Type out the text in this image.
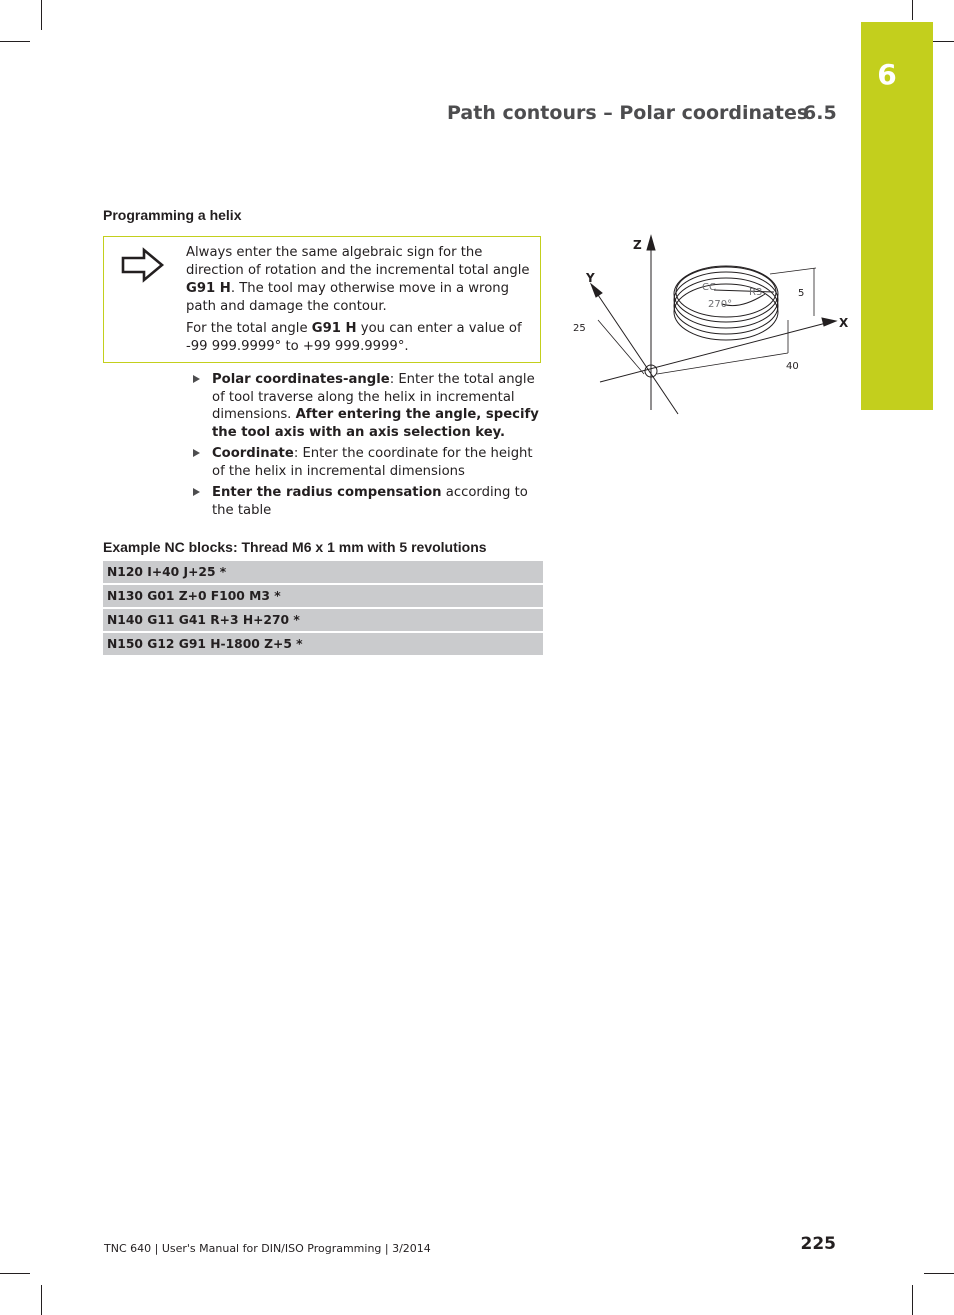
6
Path contours – Polar coordinates
6.5
Programming a helix

Always enter the same algebraic sign for the direction of rotation and the incremental total angle G91 H. The tool may otherwise move in a wrong path and damage the contour.

For the total angle G91 H you can enter a value of -99 999.9999° to +99 999.9999°.

Polar coordinates-angle: Enter the total angle of tool traverse along the helix in incremental dimensions. After entering the angle, specify the tool axis with an axis selection key.
Coordinate: Enter the coordinate for the height of the helix in incremental dimensions
Enter the radius compensation according to the table
Example NC blocks: Thread M6 x 1 mm with 5 revolutions
N120 I+40 J+25 *
N130 G01 Z+0 F100 M3 *
N140 G11 G41 R+3 H+270 *
N150 G12 G91 H-1800 Z+5 *
Z
Y
X
25
40
5
CC	R3
270°
TNC 640 | User's Manual for DIN/ISO Programming | 3/2014	225
